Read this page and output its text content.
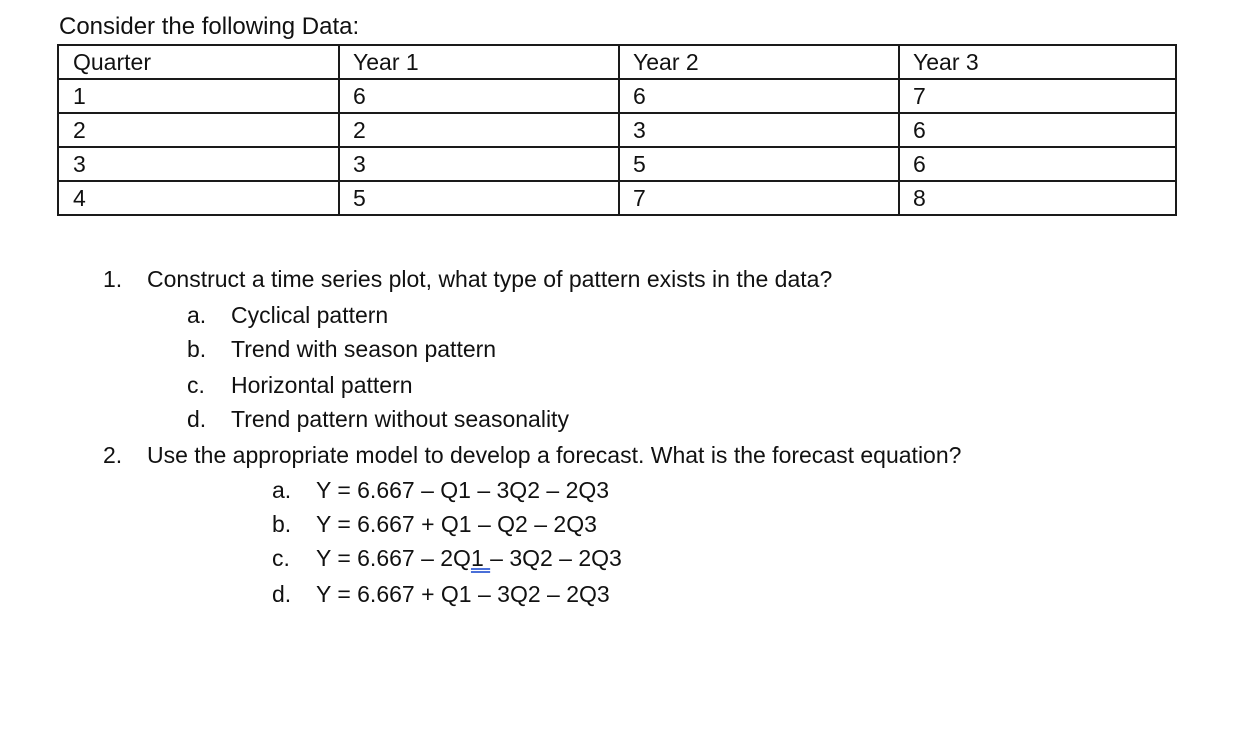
Consider the following Data:
Quarter	Year 1	Year 2	Year 3
1	6	6	7
2	2	3	6
3	3	5	6
4	5	7	8
1. Construct a time series plot, what type of pattern exists in the data?
a. Cyclical pattern
b. Trend with season pattern
c. Horizontal pattern
d. Trend pattern without seasonality
2. Use the appropriate model to develop a forecast. What is the forecast equation?
a. Y = 6.667 – Q1 – 3Q2 – 2Q3
b. Y = 6.667 + Q1 – Q2 – 2Q3
c. Y = 6.667 – 2Q1 – 3Q2 – 2Q3
d. Y = 6.667 + Q1 – 3Q2 – 2Q3
